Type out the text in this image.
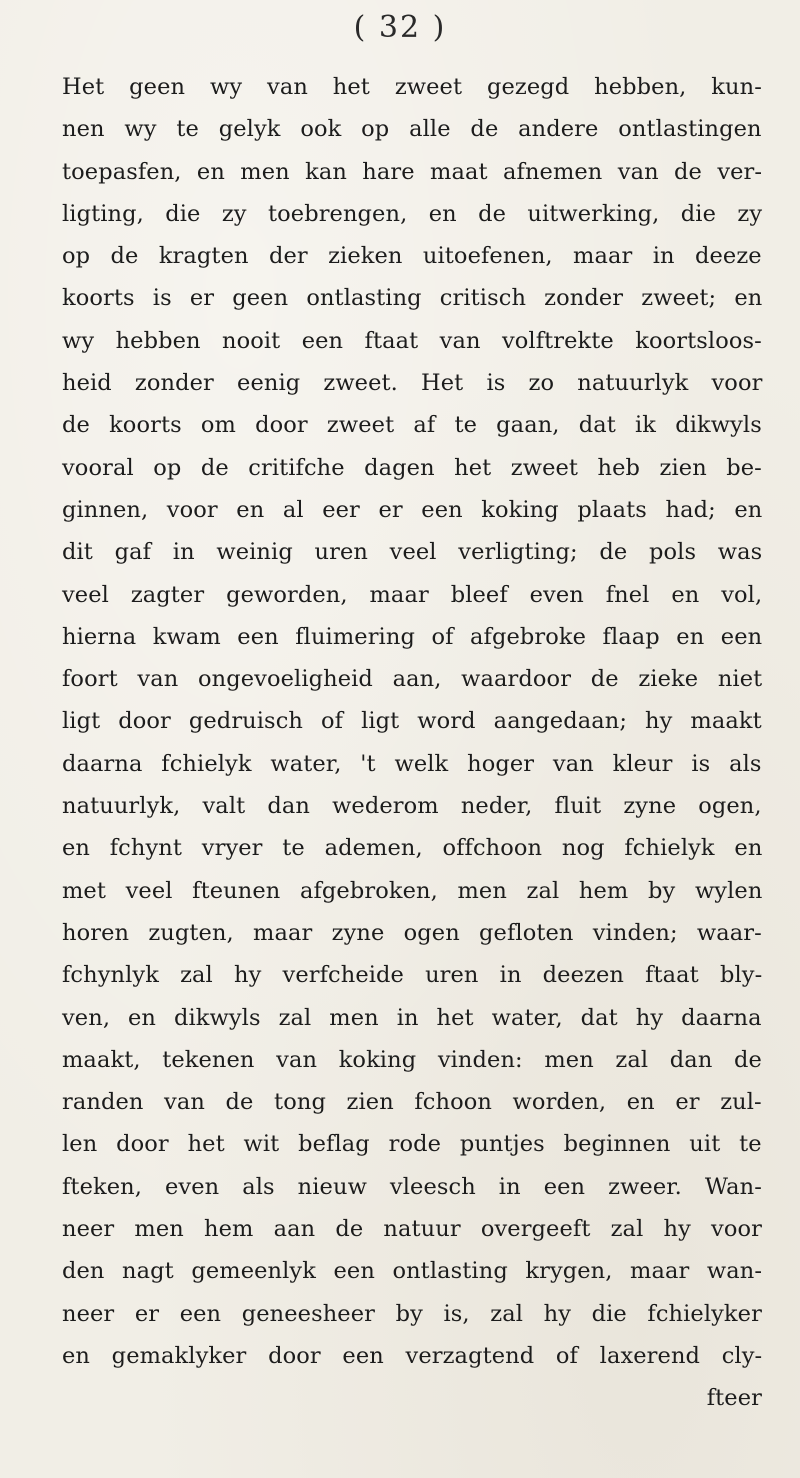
( 32 )
Het geen wy van het zweet gezegd hebben, kun-
nen wy te gelyk ook op alle de andere ontlastingen
toepasfen, en men kan hare maat afnemen van de ver-
ligting, die zy toebrengen, en de uitwerking, die zy
op de kragten der zieken uitoefenen, maar in deeze
koorts is er geen ontlasting critisch zonder zweet; en
wy hebben nooit een ftaat van volftrekte koortsloos-
heid zonder eenig zweet. Het is zo natuurlyk voor
de koorts om door zweet af te gaan, dat ik dikwyls
vooral op de critifche dagen het zweet heb zien be-
ginnen, voor en al eer er een koking plaats had; en
dit gaf in weinig uren veel verligting; de pols was
veel zagter geworden, maar bleef even fnel en vol,
hierna kwam een fluimering of afgebroke flaap en een
foort van ongevoeligheid aan, waardoor de zieke niet
ligt door gedruisch of ligt word aangedaan; hy maakt
daarna fchielyk water, 't welk hoger van kleur is als
natuurlyk, valt dan wederom neder, fluit zyne ogen,
en fchynt vryer te ademen, offchoon nog fchielyk en
met veel fteunen afgebroken, men zal hem by wylen
horen zugten, maar zyne ogen gefloten vinden; waar-
fchynlyk zal hy verfcheide uren in deezen ftaat bly-
ven, en dikwyls zal men in het water, dat hy daarna
maakt, tekenen van koking vinden: men zal dan de
randen van de tong zien fchoon worden, en er zul-
len door het wit beflag rode puntjes beginnen uit te
fteken, even als nieuw vleesch in een zweer. Wan-
neer men hem aan de natuur overgeeft zal hy voor
den nagt gemeenlyk een ontlasting krygen, maar wan-
neer er een geneesheer by is, zal hy die fchielyker
en gemaklyker door een verzagtend of laxerend cly-
fteer
